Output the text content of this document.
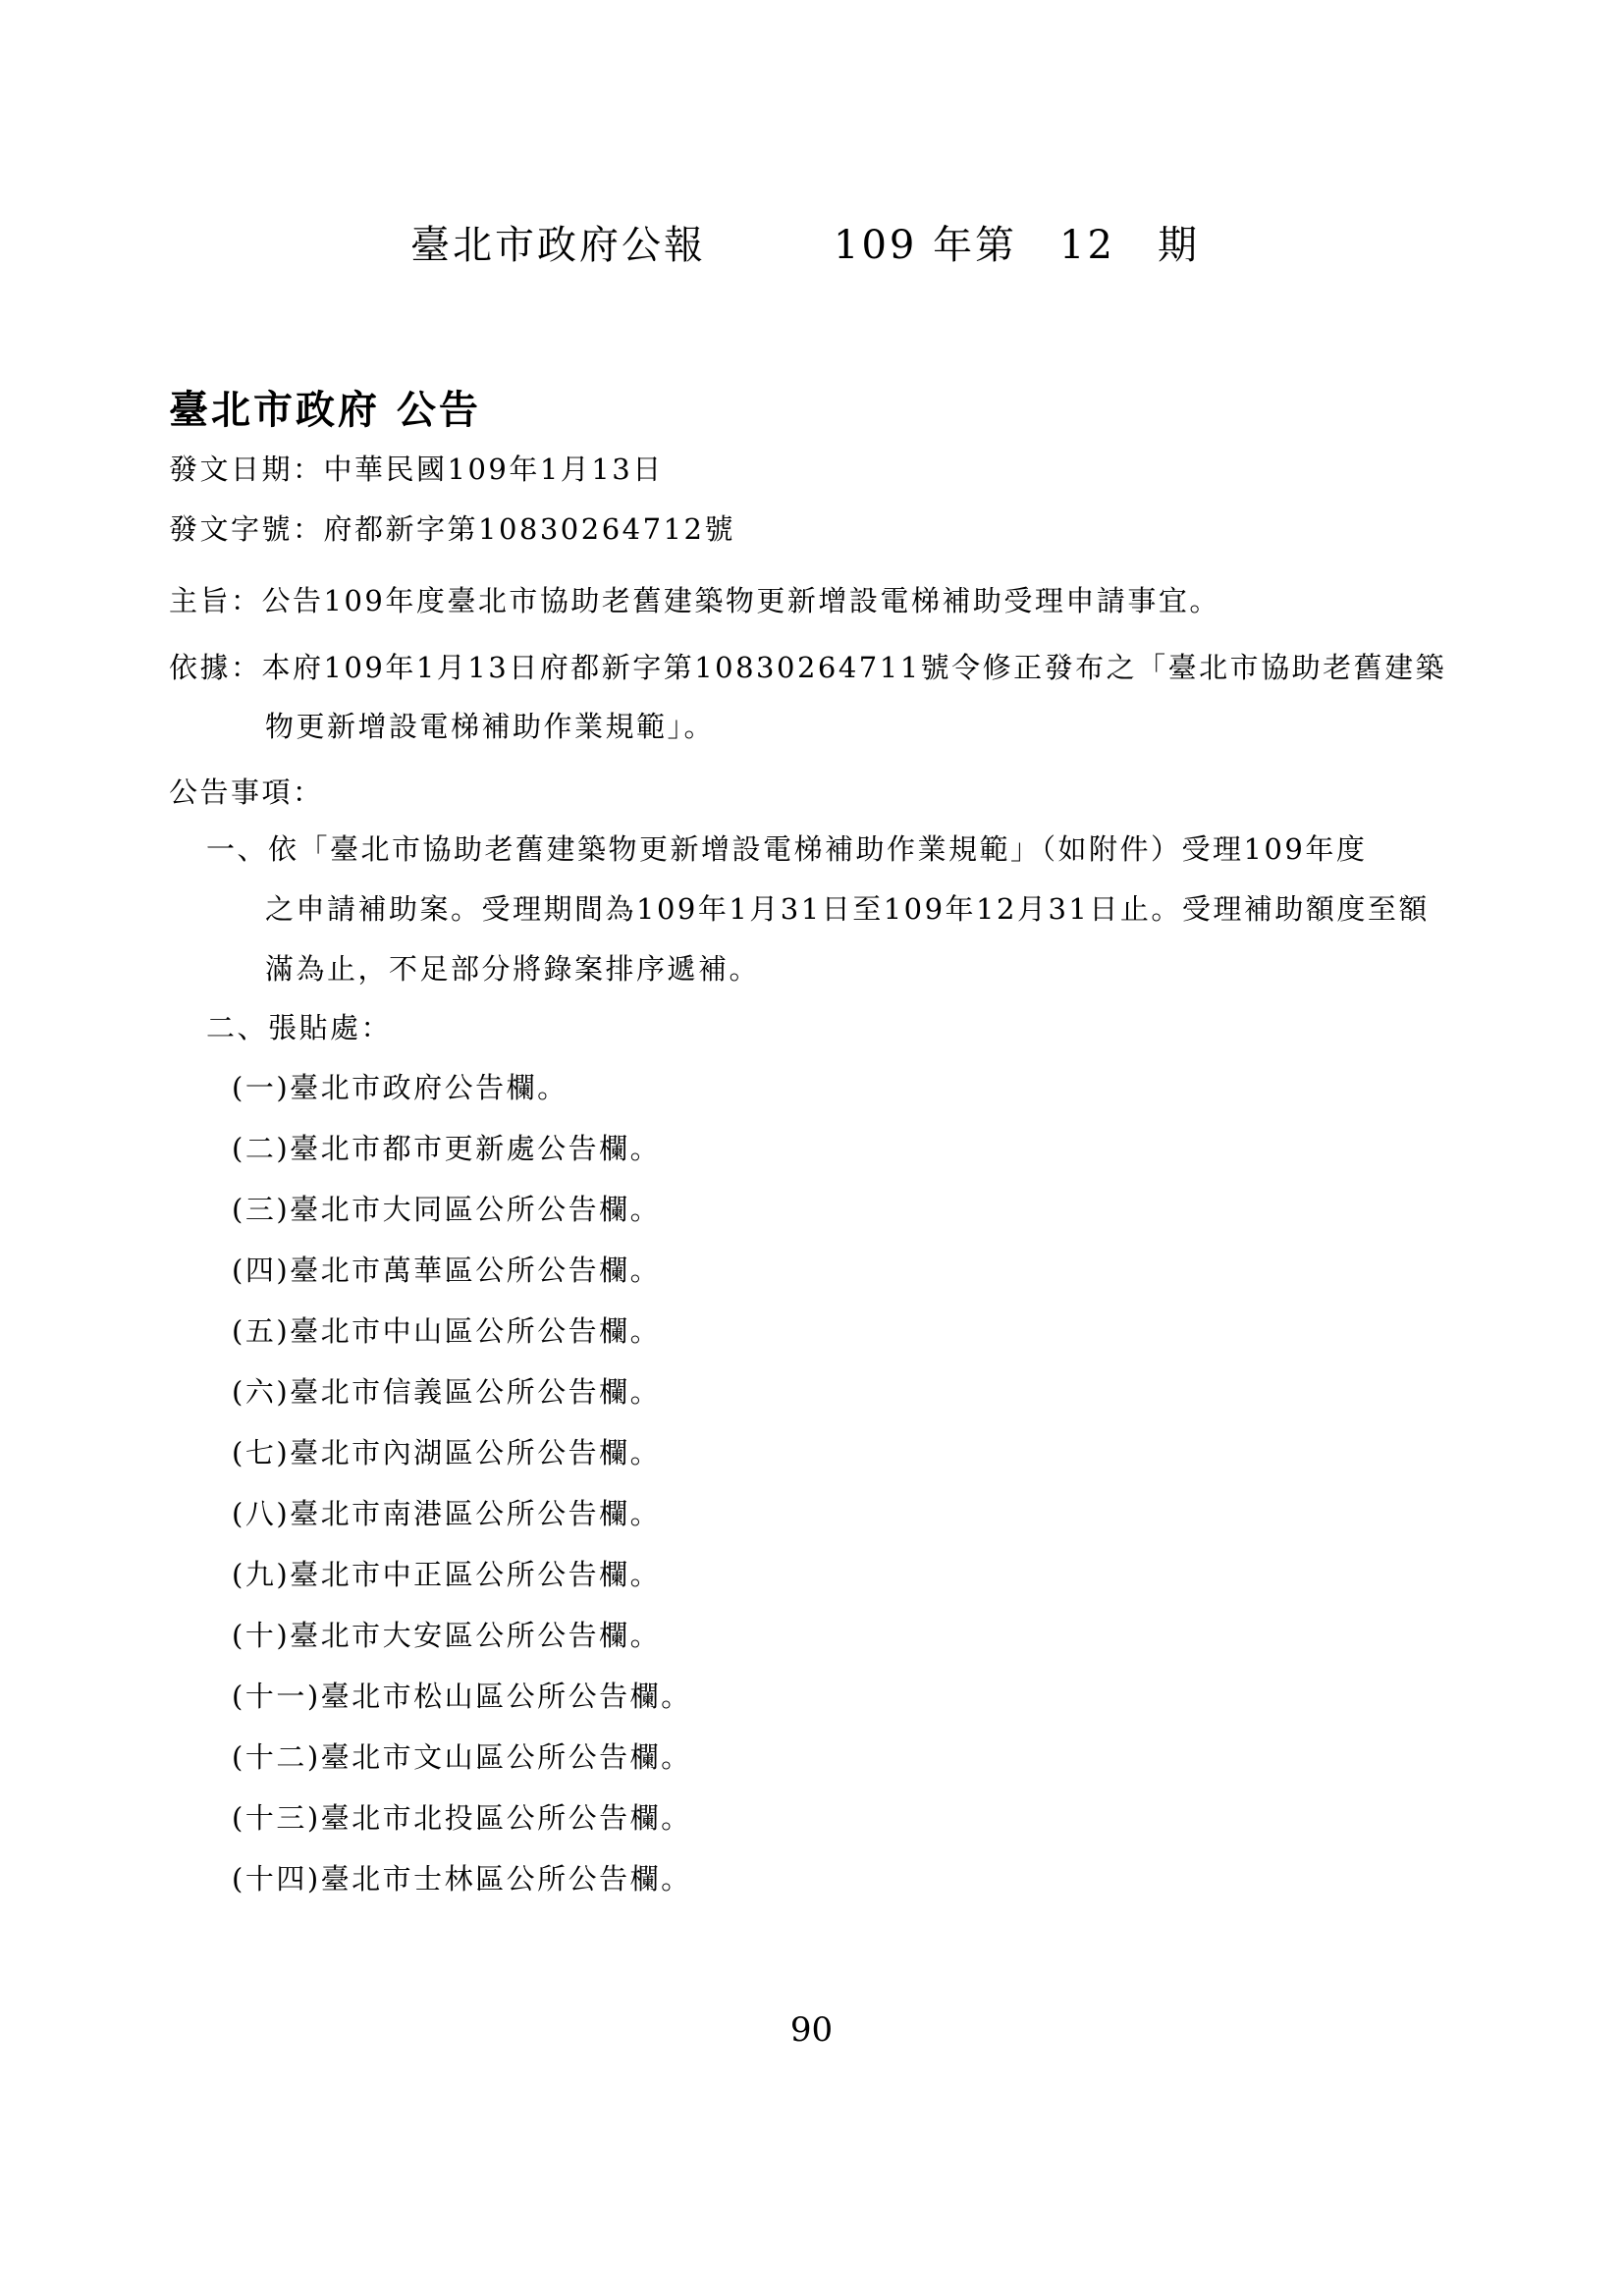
臺北市政府公報	109 年第　12　期
臺北市政府 公告
發文日期：中華民國109年1月13日
發文字號：府都新字第10830264712號
主旨：公告109年度臺北市協助老舊建築物更新增設電梯補助受理申請事宜。
依據：本府109年1月13日府都新字第10830264711號令修正發布之「臺北市協助老舊建築
物更新增設電梯補助作業規範」。
公告事項：
一、依「臺北市協助老舊建築物更新增設電梯補助作業規範」（如附件）受理109年度
之申請補助案。受理期間為109年1月31日至109年12月31日止。受理補助額度至額
滿為止，不足部分將錄案排序遞補。
二、張貼處：
(一)臺北市政府公告欄。
(二)臺北市都市更新處公告欄。
(三)臺北市大同區公所公告欄。
(四)臺北市萬華區公所公告欄。
(五)臺北市中山區公所公告欄。
(六)臺北市信義區公所公告欄。
(七)臺北市內湖區公所公告欄。
(八)臺北市南港區公所公告欄。
(九)臺北市中正區公所公告欄。
(十)臺北市大安區公所公告欄。
(十一)臺北市松山區公所公告欄。
(十二)臺北市文山區公所公告欄。
(十三)臺北市北投區公所公告欄。
(十四)臺北市士林區公所公告欄。
90
